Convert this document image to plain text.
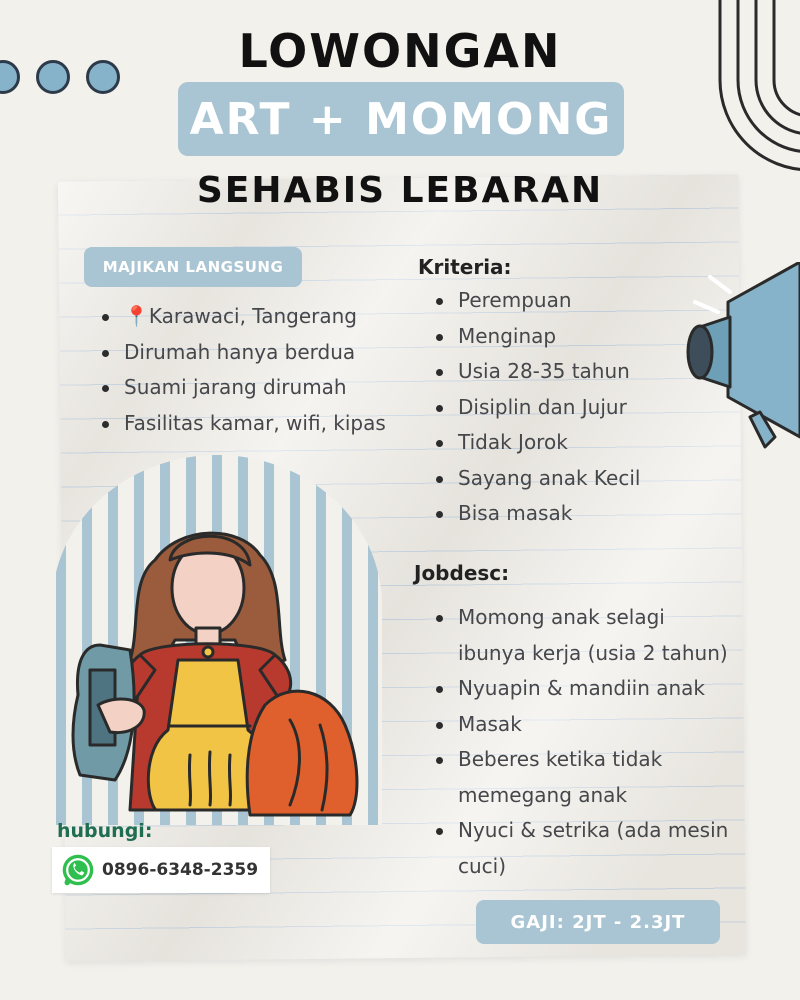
LOWONGAN
ART + MOMONG
SEHABIS LEBARAN
MAJIKAN LANGSUNG
📍Karawaci, Tangerang
Dirumah hanya berdua
Suami jarang dirumah
Fasilitas kamar, wifi, kipas
Kriteria:
Perempuan
Menginap
Usia 28-35 tahun
Disiplin dan Jujur
Tidak Jorok
Sayang anak Kecil
Bisa masak
Jobdesc:
Momong anak selagi ibunya kerja (usia 2 tahun)
Nyuapin & mandiin anak
Masak
Beberes ketika tidak memegang anak
Nyuci & setrika (ada mesin cuci)
hubungi:
0896-6348-2359
GAJI: 2JT - 2.3JT
